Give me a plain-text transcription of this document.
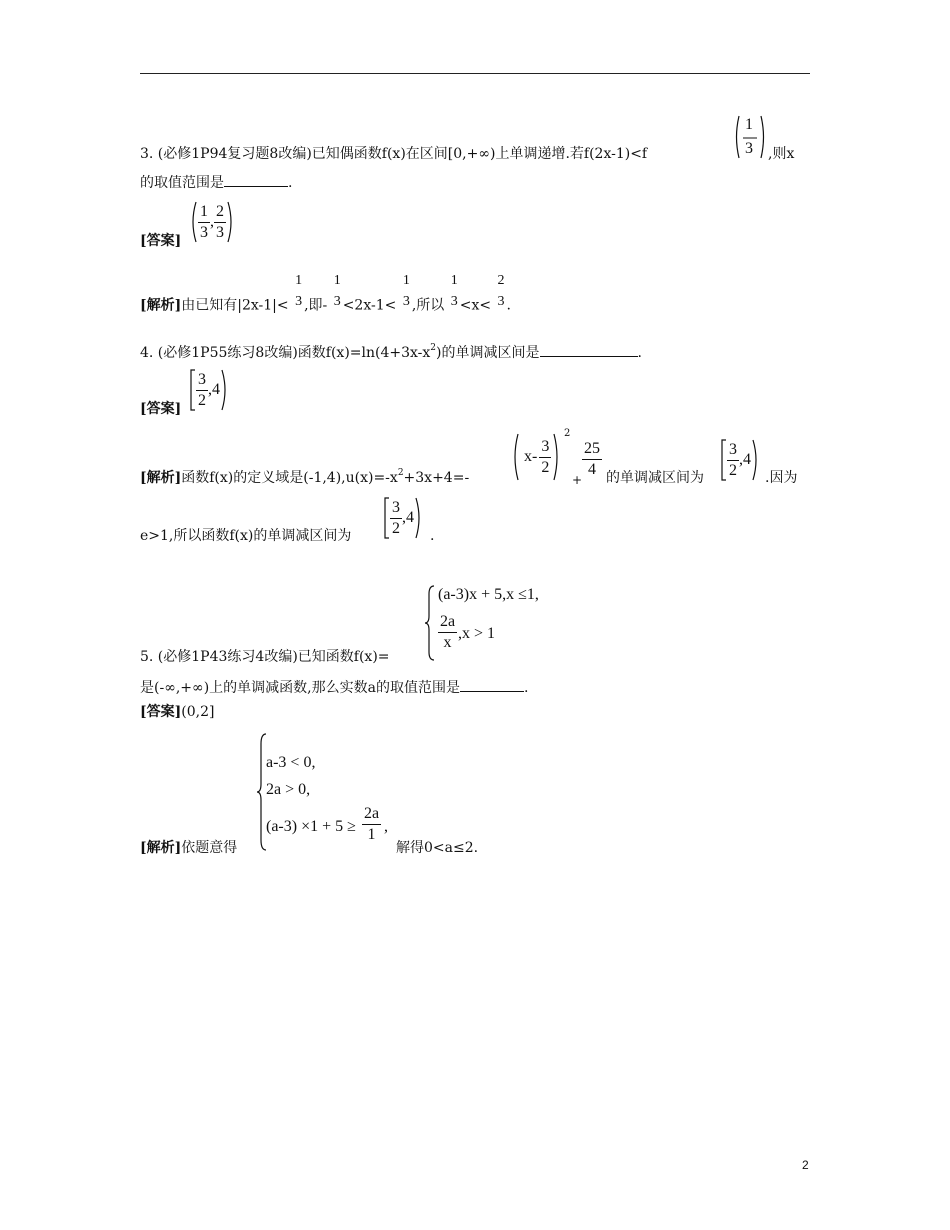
3. (必修1P94复习题8改编)已知偶函数f(x)在区间[0,+∞)上单调递增.若f(2x-1)<f
1
3 ,则x
的取值范围是	.
[答案]
$\frac{1}{3}$ , $\frac{2}{3}$
[解析]由已知有|2x-1|<
1
3 ,即-
1
3 <2x-1<
1
3 ,所以
1
3 <x<
2
3 .
4. (必修1P55练习8改编)函数$f(x)=\ln(4+3x-x^2)$的单调减区间是	.
[答案]
$\frac{3}{2} ,4$
[解析]函数f(x)的定义域是$(-1,4),u(x)=-x^2+3x+4=-$
$x- \frac{3}{2}$
2
+
$\frac{25}{4}$ 的单调减区间为 $\frac{3}{2} ,4$
.因为
e>1,所以函数f(x)的单调减区间为 $\frac{3}{2} ,4$
.
(a-3)x + 5,x ≤1,
$\frac{2a}{x} ,x > 1$
5. (必修1P43练习4改编)已知函数f(x)=
是(-∞,+∞)上的单调减函数,那么实数a的取值范围是	.
[答案](0,2]
a-3 < 0,
2a > 0,
$(a-3) \times 1 + 5 \ge \frac{2a}{1}$ ,
[解析]依题意得	解得0<a≤2.
2
